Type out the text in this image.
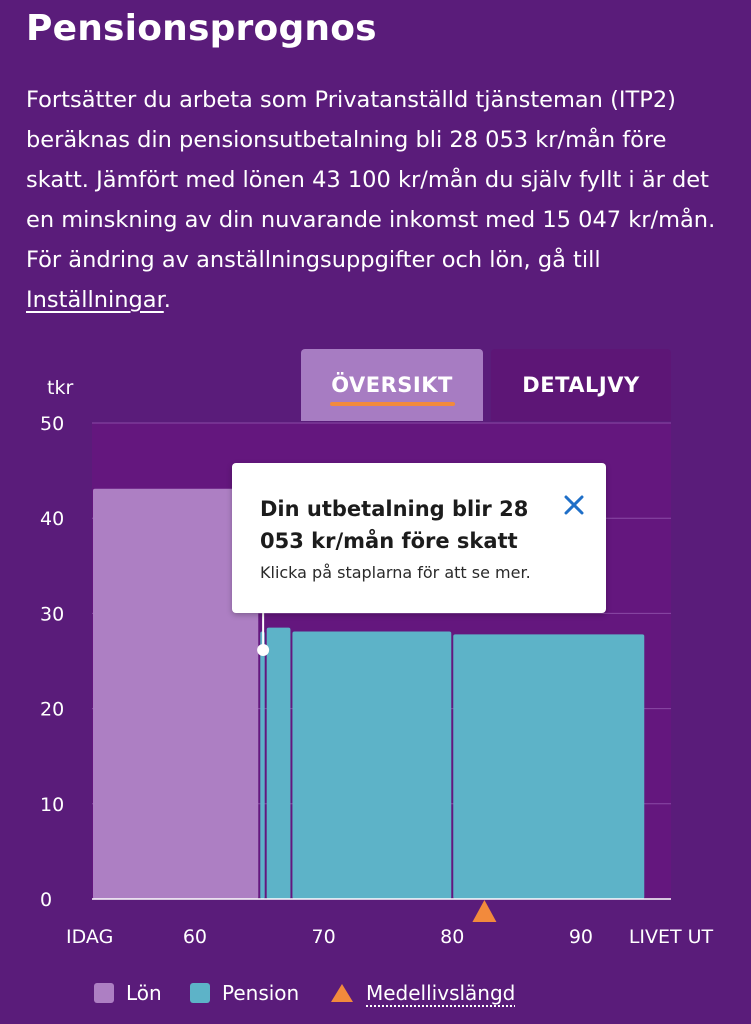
Pensionsprognos
Fortsätter du arbeta som Privatanställd tjänsteman (ITP2) beräknas din pensionsutbetalning bli 28 053 kr/mån före skatt. Jämfört med lönen 43 100 kr/mån du själv fyllt i är det en minskning av din nuvarande inkomst med 15 047 kr/mån. För ändring av anställningsuppgifter och lön, gå till Inställningar.
ÖVERSIKT	DETALJVY
0
10
20
30
40
50
tkr
IDAG	60	70	80	90 LIVET UT
Din utbetalning blir 28 053 kr/mån före skatt
Klicka på staplarna för att se mer.
Lön	Pension	Medellivslängd
